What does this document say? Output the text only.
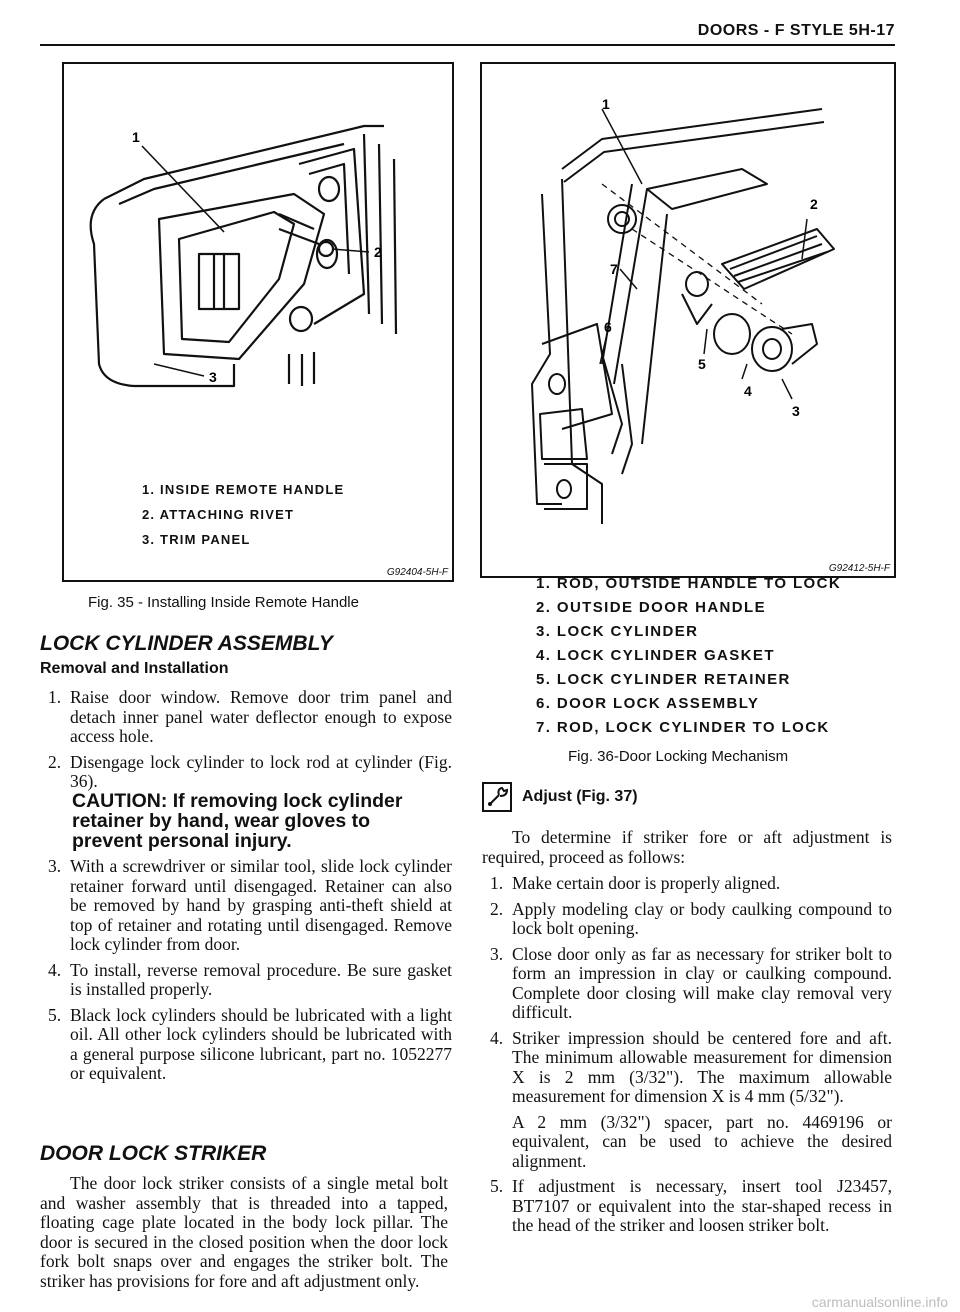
DOORS - F STYLE 5H-17
1
2
3
1. INSIDE REMOTE HANDLE
2. ATTACHING RIVET
3. TRIM PANEL
G92404-5H-F
Fig. 35 - Installing Inside Remote Handle
LOCK CYLINDER ASSEMBLY
Removal and Installation
1. Raise door window. Remove door trim panel and detach inner panel water deflector enough to expose access hole.
2. Disengage lock cylinder to lock rod at cylinder (Fig. 36).
CAUTION: If removing lock cylinder retainer by hand, wear gloves to prevent personal injury.
3. With a screwdriver or similar tool, slide lock cylinder retainer forward until disengaged. Retainer can also be removed by hand by grasping anti-theft shield at top of retainer and rotating until disengaged. Remove lock cylinder from door.
4. To install, reverse removal procedure. Be sure gasket is installed properly.
5. Black lock cylinders should be lubricated with a light oil. All other lock cylinders should be lubricated with a general purpose silicone lubricant, part no. 1052277 or equivalent.
DOOR LOCK STRIKER
The door lock striker consists of a single metal bolt and washer assembly that is threaded into a tapped, floating cage plate located in the body lock pillar. The door is secured in the closed position when the door lock fork bolt snaps over and engages the striker bolt. The striker has provisions for fore and aft adjustment only.
1
2
3
4
5
6
7
G92412-5H-F
1. ROD, OUTSIDE HANDLE TO LOCK
2. OUTSIDE DOOR HANDLE
3. LOCK CYLINDER
4. LOCK CYLINDER GASKET
5. LOCK CYLINDER RETAINER
6. DOOR LOCK ASSEMBLY
7. ROD, LOCK CYLINDER TO LOCK
Fig. 36-Door Locking Mechanism
Adjust (Fig. 37)
To determine if striker fore or aft adjustment is required, proceed as follows:
1. Make certain door is properly aligned.
2. Apply modeling clay or body caulking compound to lock bolt opening.
3. Close door only as far as necessary for striker bolt to form an impression in clay or caulking compound. Complete door closing will make clay removal very difficult.
4. Striker impression should be centered fore and aft. The minimum allowable measurement for dimension X is 2 mm (3/32"). The maximum allowable measurement for dimension X is 4 mm (5/32").
A 2 mm (3/32") spacer, part no. 4469196 or equivalent, can be used to achieve the desired alignment.
5. If adjustment is necessary, insert tool J23457, BT7107 or equivalent into the star-shaped recess in the head of the striker and loosen striker bolt.
carmanualsonline.info
